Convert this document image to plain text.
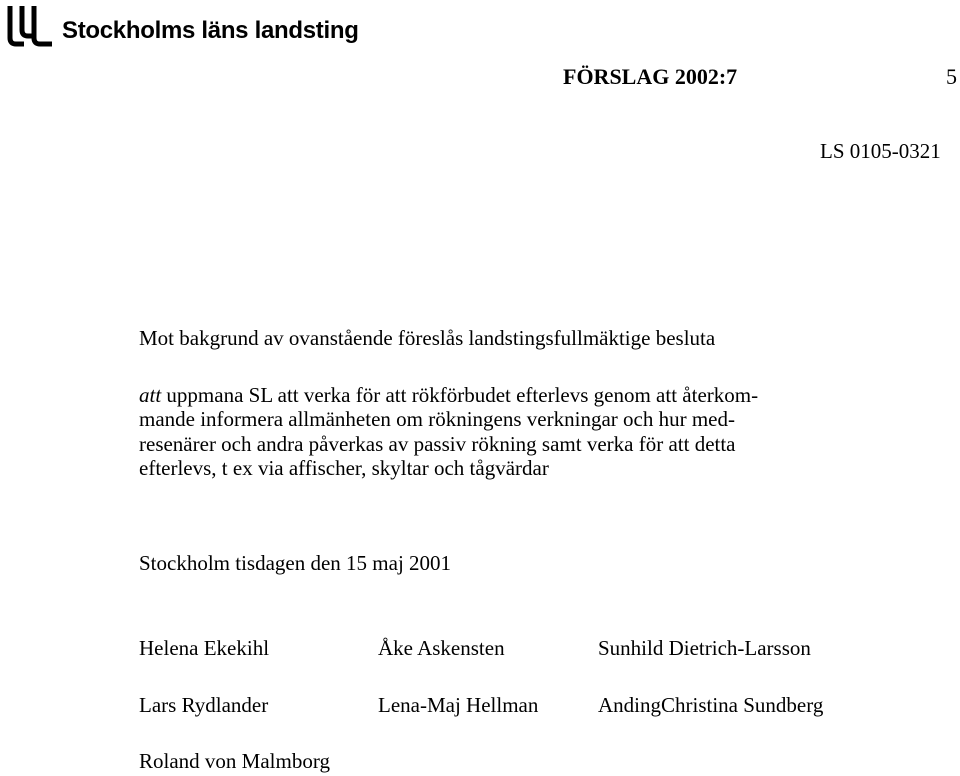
Stockholms läns landsting
FÖRSLAG 2002:7	5
LS 0105-0321
Mot bakgrund av ovanstående föreslås landstingsfullmäktige besluta
att uppmana SL att verka för att rökförbudet efterlevs genom att återkom-
mande informera allmänheten om rökningens verkningar och hur med-
resenärer och andra påverkas av passiv rökning samt verka för att detta
efterlevs, t ex via affischer, skyltar och tågvärdar
Stockholm tisdagen den 15 maj 2001
Helena Ekekihl	Åke Askensten	Sunhild Dietrich-Larsson
Lars Rydlander	Lena-Maj Hellman	AndingChristina Sundberg
Roland von Malmborg
